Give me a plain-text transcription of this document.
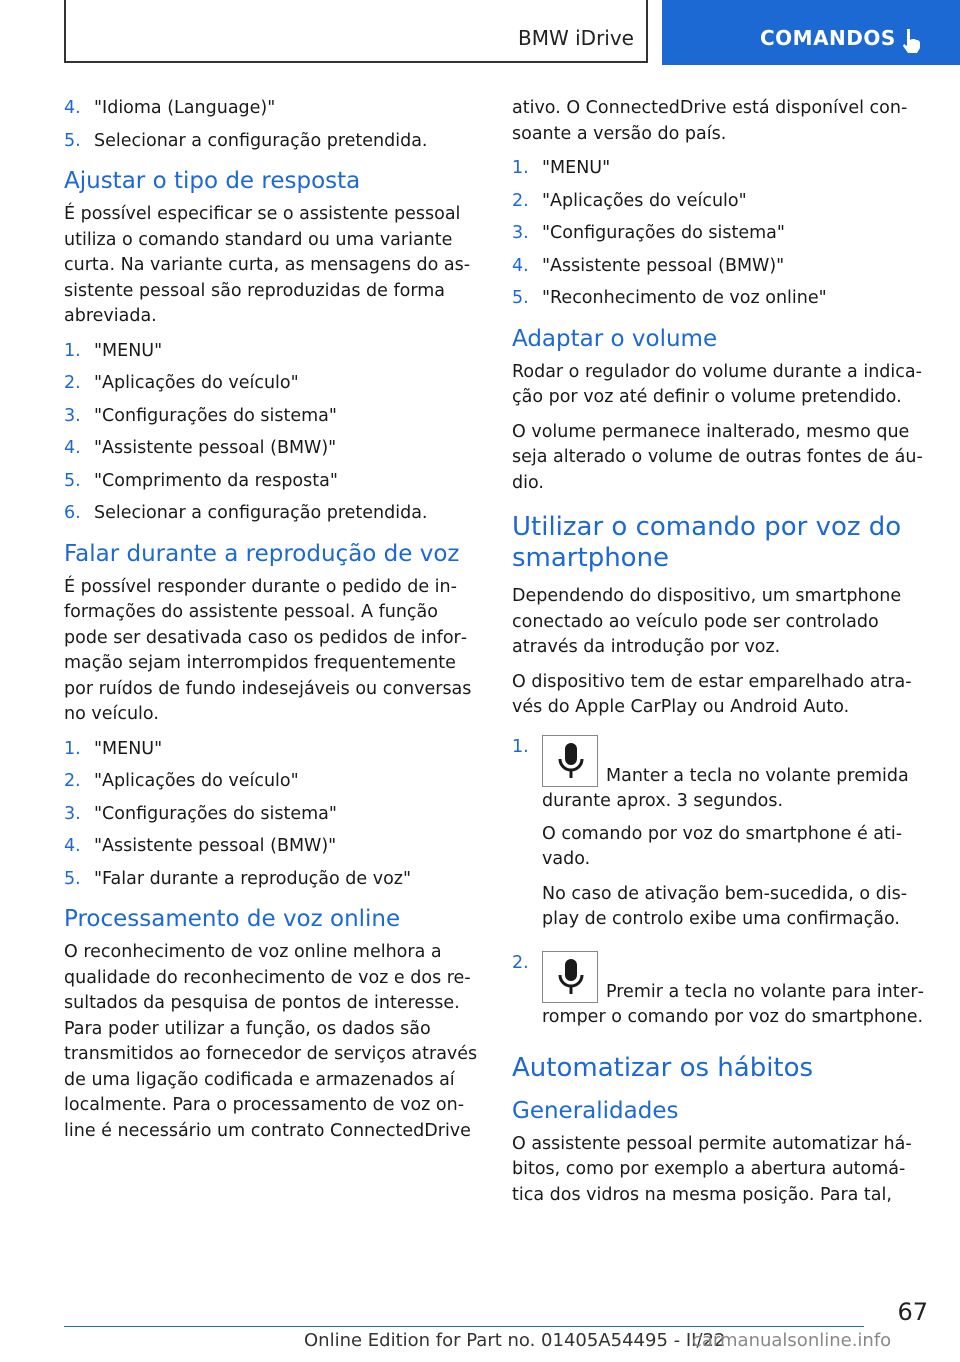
BMW iDrive	COMANDOS
4. "Idioma (Language)"
5. Selecionar a configuração pretendida.
Ajustar o tipo de resposta

É possível especificar se o assistente pessoal utiliza o comando standard ou uma variante curta. Na variante curta, as mensagens do assistente pessoal são reproduzidas de forma abreviada.

1. "MENU"
2. "Aplicações do veículo"
3. "Configurações do sistema"
4. "Assistente pessoal (BMW)"
5. "Comprimento da resposta"
6. Selecionar a configuração pretendida.
Falar durante a reprodução de voz

É possível responder durante o pedido de informações do assistente pessoal. A função pode ser desativada caso os pedidos de informação sejam interrompidos frequentemente por ruídos de fundo indesejáveis ou conversas no veículo.

1. "MENU"
2. "Aplicações do veículo"
3. "Configurações do sistema"
4. "Assistente pessoal (BMW)"
5. "Falar durante a reprodução de voz"
Processamento de voz online

O reconhecimento de voz online melhora a qualidade do reconhecimento de voz e dos resultados da pesquisa de pontos de interesse. Para poder utilizar a função, os dados são transmitidos ao fornecedor de serviços através de uma ligação codificada e armazenados aí localmente. Para o processamento de voz online é necessário um contrato ConnectedDrive

ativo. O ConnectedDrive está disponível consoante a versão do país.

1. "MENU"
2. "Aplicações do veículo"
3. "Configurações do sistema"
4. "Assistente pessoal (BMW)"
5. "Reconhecimento de voz online"
Adaptar o volume

Rodar o regulador do volume durante a indicação por voz até definir o volume pretendido.

O volume permanece inalterado, mesmo que seja alterado o volume de outras fontes de áudio.

Utilizar o comando por voz do smartphone

Dependendo do dispositivo, um smartphone conectado ao veículo pode ser controlado através da introdução por voz.

O dispositivo tem de estar emparelhado através do Apple CarPlay ou Android Auto.

1.
Manter a tecla no volante premida durante aprox. 3 segundos.

O comando por voz do smartphone é ativado.

No caso de ativação bem-sucedida, o display de controlo exibe uma confirmação.

2.
Premir a tecla no volante para interromper o comando por voz do smartphone.
Automatizar os hábitos
Generalidades

O assistente pessoal permite automatizar hábitos, como por exemplo a abertura automática dos vidros na mesma posição. Para tal,

67
Online Edition for Part no. 01405A54495 - II/22
carmanualsonline.info
